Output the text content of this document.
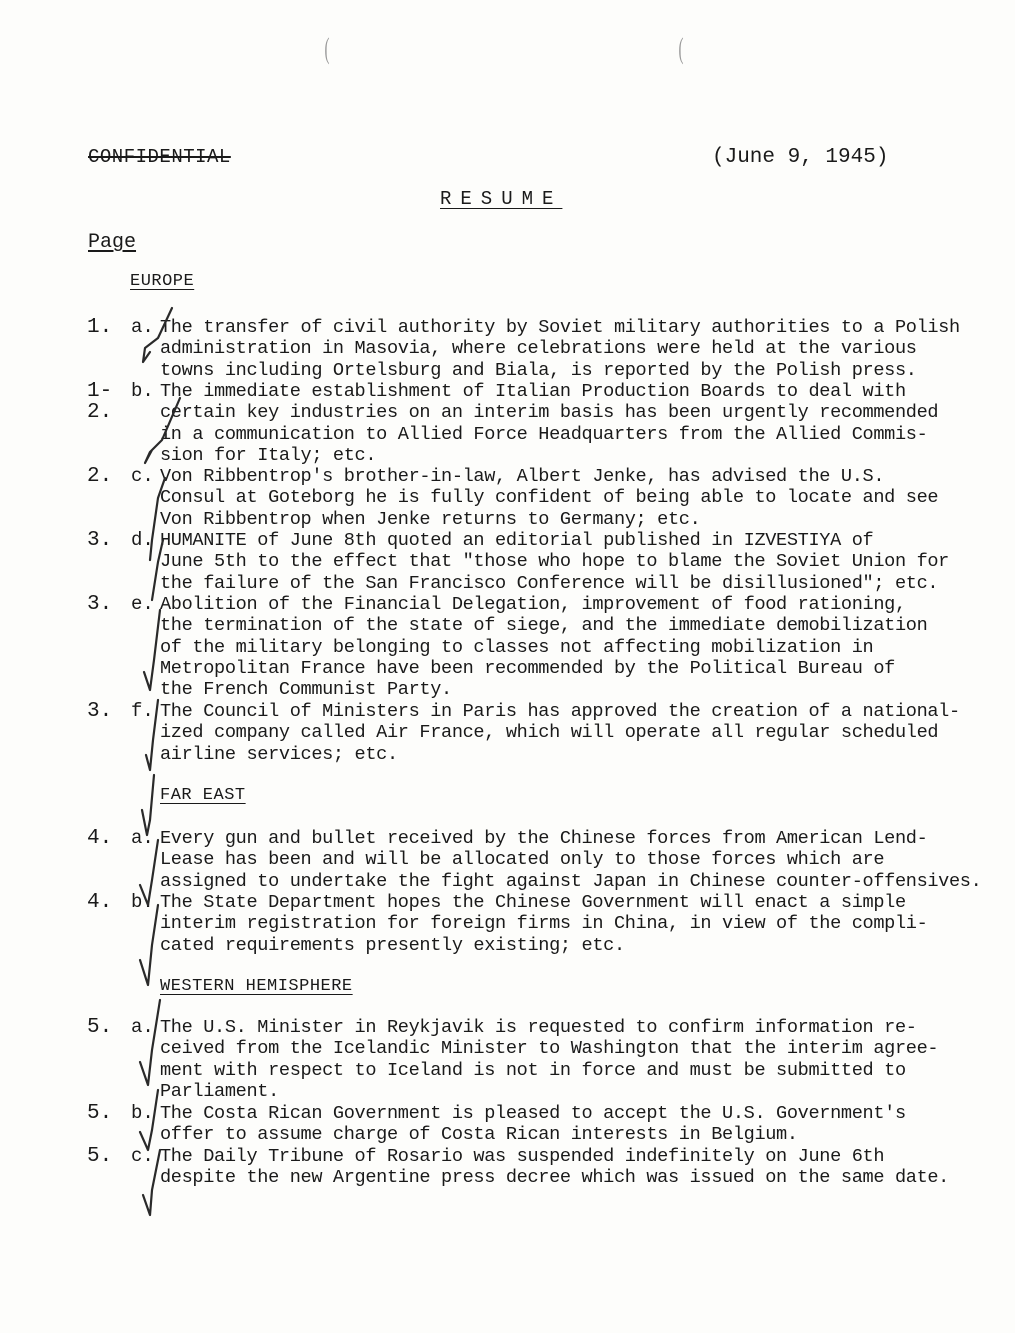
(	(
CONFIDENTIAL	(June 9, 1945)
RESUME
Page
EUROPE
1. a. The transfer of civil authority by Soviet military authorities to a Polish
administration in Masovia, where celebrations were held at the various
towns including Ortelsburg and Biala, is reported by the Polish press.
1-
2.
b. The immediate establishment of Italian Production Boards to deal with
certain key industries on an interim basis has been urgently recommended
in a communication to Allied Force Headquarters from the Allied Commis-
sion for Italy; etc.
2. c. Von Ribbentrop's brother-in-law, Albert Jenke, has advised the U.S.
Consul at Goteborg he is fully confident of being able to locate and see
Von Ribbentrop when Jenke returns to Germany; etc.
3. d. HUMANITE of June 8th quoted an editorial published in IZVESTIYA of
June 5th to the effect that "those who hope to blame the Soviet Union for
the failure of the San Francisco Conference will be disillusioned"; etc.
3. e. Abolition of the Financial Delegation, improvement of food rationing,
the termination of the state of siege, and the immediate demobilization
of the military belonging to classes not affecting mobilization in
Metropolitan France have been recommended by the Political Bureau of
the French Communist Party.
3. f. The Council of Ministers in Paris has approved the creation of a national-
ized company called Air France, which will operate all regular scheduled
airline services; etc.
FAR EAST
4. a. Every gun and bullet received by the Chinese forces from American Lend-
Lease has been and will be allocated only to those forces which are
assigned to undertake the fight against Japan in Chinese counter-offensives.
4. b. The State Department hopes the Chinese Government will enact a simple
interim registration for foreign firms in China, in view of the compli-
cated requirements presently existing; etc.
WESTERN HEMISPHERE
5. a. The U.S. Minister in Reykjavik is requested to confirm information re-
ceived from the Icelandic Minister to Washington that the interim agree-
ment with respect to Iceland is not in force and must be submitted to
Parliament.
5. b. The Costa Rican Government is pleased to accept the U.S. Government's
offer to assume charge of Costa Rican interests in Belgium.
5. c. The Daily Tribune of Rosario was suspended indefinitely on June 6th
despite the new Argentine press decree which was issued on the same date.
